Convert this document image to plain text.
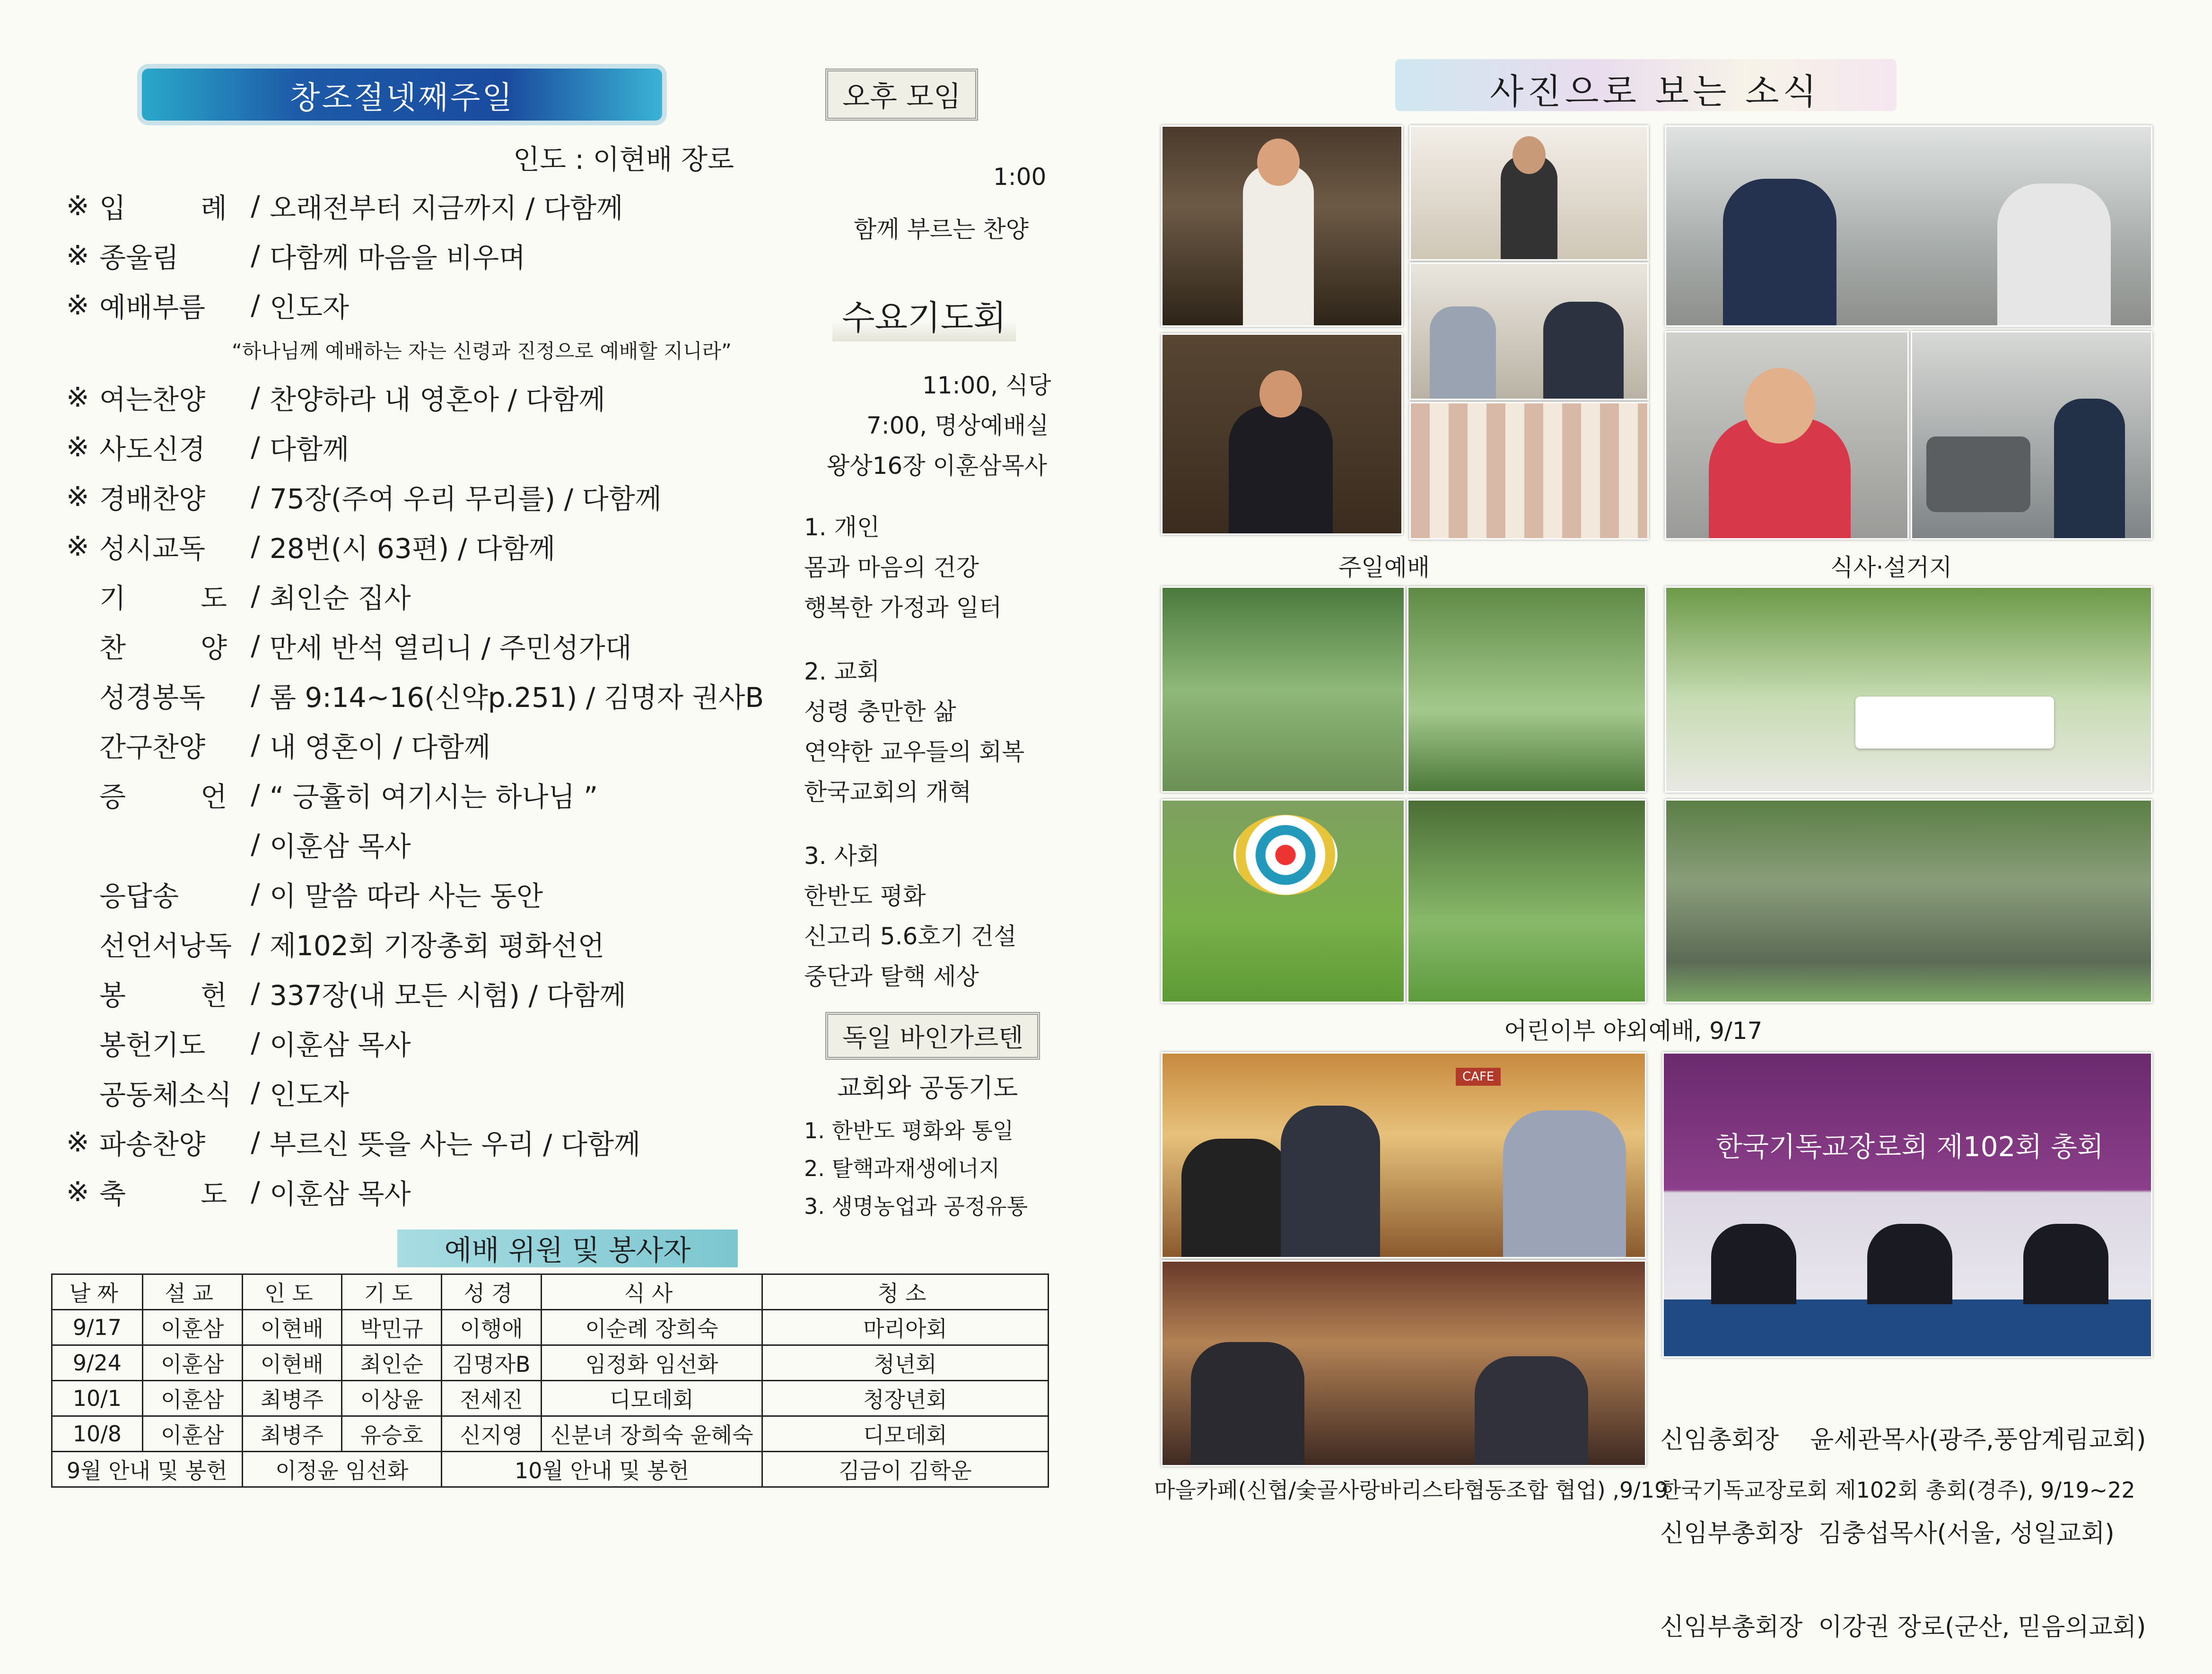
창조절넷째주일
인도 : 이현배 장로
※ 입 례 / 오래전부터 지금까지 / 다함께
※ 종울림	/ 다함께 마음을 비우며
※ 예배부름	/ 인도자
※ 여는찬양	/ 찬양하라 내 영혼아 / 다함께
※ 사도신경	/ 다함께
※ 경배찬양	/ 75장(주여 우리 무리를) / 다함께
※ 성시교독	/ 28번(시 63편) / 다함께
기 도 / 최인순 집사
찬 양 / 만세 반석 열리니 / 주민성가대
성경봉독	/ 롬 9:14~16(신약p.251) / 김명자 권사B
간구찬양	/ 내 영혼이 / 다함께
증 언 / “ 긍휼히 여기시는 하나님 ”
/ 이훈삼 목사
응답송	/ 이 말씀 따라 사는 동안
선언서낭독 / 제102회 기장총회 평화선언
봉 헌 / 337장(내 모든 시험) / 다함께
봉헌기도	/ 이훈삼 목사
공동체소식 / 인도자
※ 파송찬양	/ 부르신 뜻을 사는 우리 / 다함께
※ 축 도 / 이훈삼 목사
“하나님께 예배하는 자는 신령과 진정으로 예배할 지니라”
예배 위원 및 봉사자
날짜	설교	인도	기도	성경	식사	청소
9/17	이훈삼	이현배	박민규	이행애	이순례 장희숙	마리아회
9/24	이훈삼	이현배	최인순	김명자B	임정화 임선화	청년회
10/1	이훈삼	최병주	이상윤	전세진	디모데회	청장년회
10/8	이훈삼	최병주	유승호	신지영	신분녀 장희숙 윤혜숙	디모데회
9월 안내 및 봉헌		이정윤 임선화		10월 안내 및 봉헌		김금이 김학운
오후 모임
1:00
함께 부르는 찬양
수요기도회
11:00, 식당
7:00, 명상예배실
왕상16장 이훈삼목사
1. 개인
몸과 마음의 건강
행복한 가정과 일터
2. 교회
성령 충만한 삶
연약한 교우들의 회복
한국교회의 개혁
3. 사회
한반도 평화
신고리 5.6호기 건설
중단과 탈핵 세상
독일 바인가르텐
교회와 공동기도
1. 한반도 평화와 통일
2. 탈핵과재생에너지
3. 생명농업과 공정유통
사진으로 보는 소식
주일예배	식사·설거지
어린이부 야외예배, 9/17
CAFE
한국기독교장로회 제102회 총회

신임총회장    윤세관목사(광주,풍암계림교회)

신임부총회장  김충섭목사(서울, 성일교회)

신임부총회장  이강권 장로(군산, 믿음의교회)

마을카페(신협/숯골사랑바리스타협동조합 협업) ,9/19
한국기독교장로회 제102회 총회(경주), 9/19~22
